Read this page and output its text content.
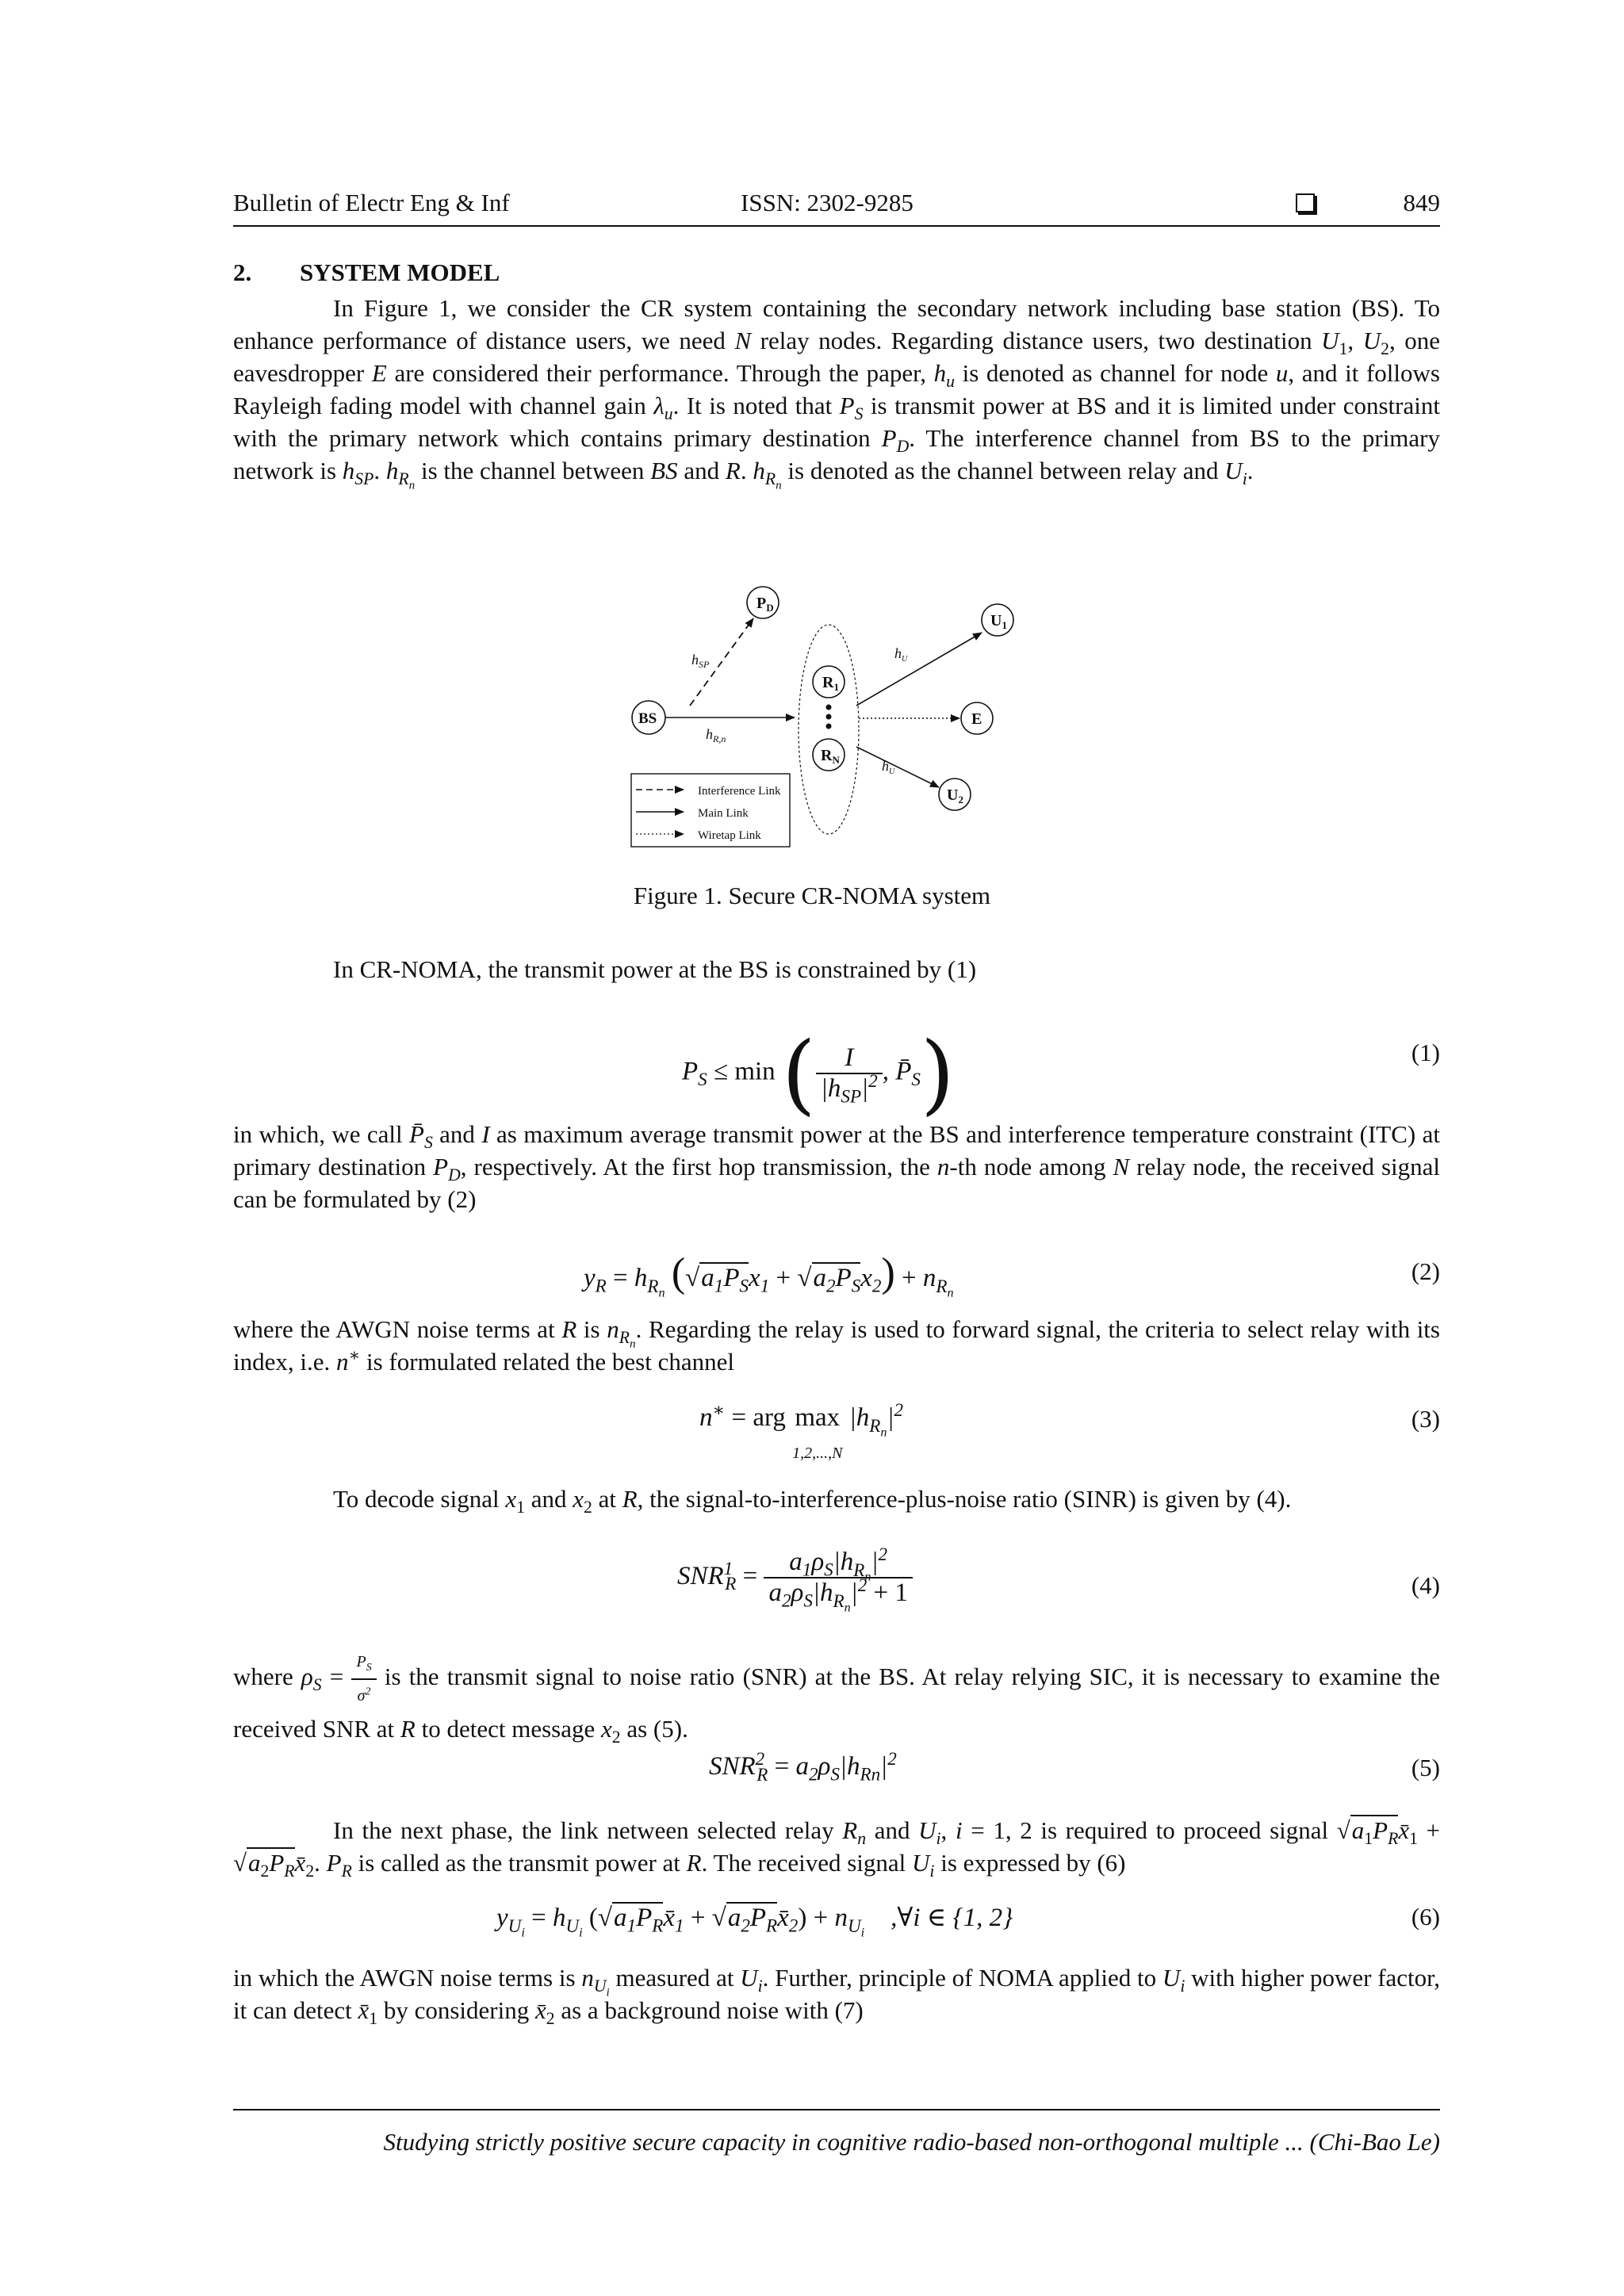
Bulletin of Electr Eng & Inf	ISSN: 2302-9285	849
2. SYSTEM MODEL

In Figure 1, we consider the CR system containing the secondary network including base station (BS). To enhance performance of distance users, we need N relay nodes. Regarding distance users, two destination $U_1$, $U_2$, one eavesdropper E are considered their performance. Through the paper, $h_u$ is denoted as channel for node u, and it follows Rayleigh fading model with channel gain $\lambda_u$. It is noted that $P_S$ is transmit power at BS and it is limited under constraint with the primary network which contains primary destination $P_D$. The interference channel from BS to the primary network is $h_{SP}$. $h_{R_n}$ is the channel between BS and R. $h_{R_n}$ is denoted as the channel between relay and $U_i$.

$P_D$
$U_1$
$R_1$
$R_N$
BS	E
$U_2$
$h_{SP}$
$h_{R,n}$
$h_U$
$h_U$
Interference Link
Main Link
Wiretap Link
Figure 1. Secure CR-NOMA system

In CR-NOMA, the transmit power at the BS is constrained by (1)

$P_S \le \min$ ( $\frac{I}{|h_{SP}|^2}$ , $P̄_S$)	(1)

in which, we call $P̄_S$ and I as maximum average transmit power at the BS and interference temperature constraint (ITC) at primary destination $P_D$, respectively. At the first hop transmission, the n-th node among N relay node, the received signal can be formulated by (2)

$y_R = h_{R_n}$ $(√a_1P_Sx_1 + √a_2P_Sx_2) + n_{R_n}$
(2)

where the AWGN noise terms at R is $n_{R_n}$. Regarding the relay is used to forward signal, the criteria to select relay with its index, i.e. n∗ is formulated related the best channel

n∗ = arg max
1,2,...,N $|h_{R_n}|^2$	(3)

To decode signal $x_1$ and $x_2$ at R, the signal-to-interference-plus-noise ratio (SINR) is given by (4).

$SNR^1_R = \frac{a_1\rho_S|h_{R_n}|^2}{a_2\rho_S|h_{R_n}|^2 + 1}$	(4)

where $\rho_S = \frac{P_S}{\sigma^2}$ is the transmit signal to noise ratio (SNR) at the BS. At relay relying SIC, it is necessary to examine the received SNR at R to detect message $x_2$ as (5).

$SNR^2_R = a_2\rho_S|h_{Rn}|^2$	(5)

In the next phase, the link netween selected relay $R_n$ and $U_i$, i = 1, 2 is required to proceed signal $√a_1P_Rx̄_1$ + $√a_2P_Rx̄_2$. $P_R$ is called as the transmit power at R. The received signal $U_i$ is expressed by (6)

$y_{U_i} = h_{U_i}$ ($√a_1P_Rx̄_1$ + $√a_2P_Rx̄_2) + n_{U_i}$    ,∀i ∈ {1, 2}	(6)

in which the AWGN noise terms is $n_{U_i}$ measured at $U_i$. Further, principle of NOMA applied to $U_i$ with higher power factor, it can detect $x̄_1$ by considering $x̄_2$ as a background noise with (7)

Studying strictly positive secure capacity in cognitive radio-based non-orthogonal multiple ... (Chi-Bao Le)
